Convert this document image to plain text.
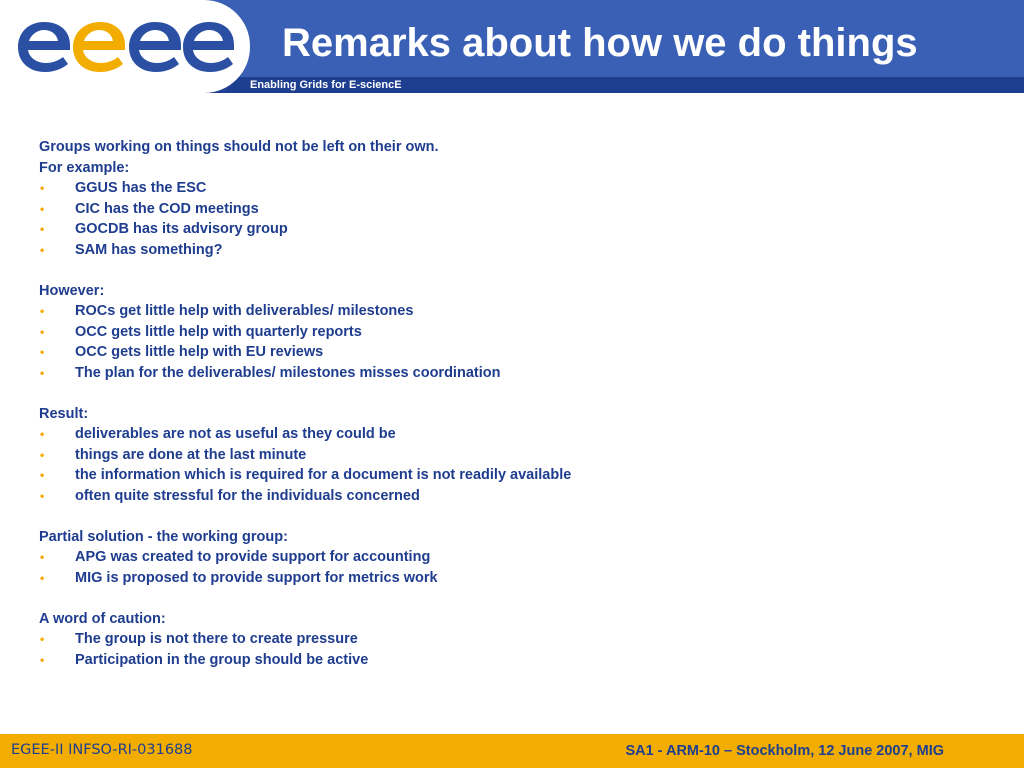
Remarks about how we do things
Enabling Grids for E-sciencE

Groups working on things should not be left on their own.

For example:

• GGUS has the ESC
• CIC has the COD meetings
• GOCDB has its advisory group
• SAM has something?

However:

• ROCs get little help with deliverables/ milestones
• OCC gets little help with quarterly reports
• OCC gets little help with EU reviews
• The plan for the deliverables/ milestones misses coordination

Result:

• deliverables are not as useful as they could be
• things are done at the last minute
• the information which is required for a document is not readily available
• often quite stressful for the individuals concerned

Partial solution - the working group:

• APG was created to provide support for accounting
• MIG is proposed to provide support for metrics work

A word of caution:

• The group is not there to create pressure
• Participation in the group should be active
EGEE-II INFSO-RI-031688	SA1 - ARM-10 – Stockholm, 12 June 2007, MIG
